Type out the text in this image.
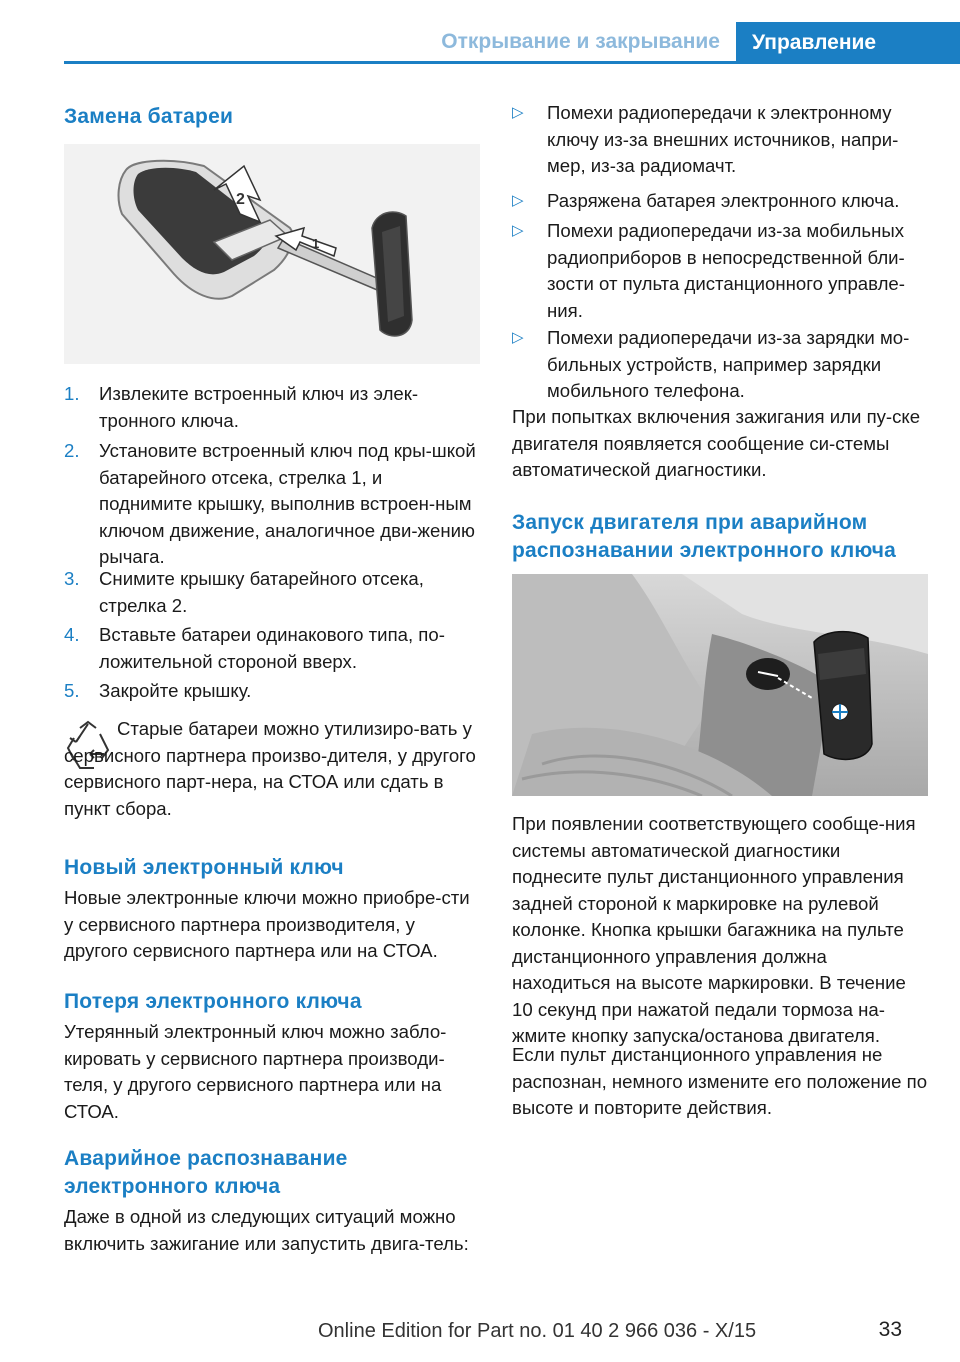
Открывание и закрывание	Управление
Замена батареи
2
1
1. Извлеките встроенный ключ из элек-тронного ключа.
2. Установите встроенный ключ под кры-шкой батарейного отсека, стрелка 1, и поднимите крышку, выполнив встроен-ным ключом движение, аналогичное дви-жению рычага.
3. Снимите крышку батарейного отсека, стрелка 2.
4. Вставьте батареи одинакового типа, по-ложительной стороной вверх.
5. Закройте крышку.

Старые батареи можно утилизиро-вать у сервисного партнера произво-дителя, у другого сервисного парт-нера, на СТОА или сдать в пункт сбора.

Новый электронный ключ

Новые электронные ключи можно приобре-сти у сервисного партнера производителя, у другого сервисного партнера или на СТОА.

Потеря электронного ключа

Утерянный электронный ключ можно забло-кировать у сервисного партнера производи-теля, у другого сервисного партнера или на СТОА.

Аварийное распознавание электронного ключа

Даже в одной из следующих ситуаций можно включить зажигание или запустить двига-тель:

▷ Помехи радиопередачи к электронному ключу из-за внешних источников, напри-мер, из-за радиомачт.
▷ Разряжена батарея электронного ключа.
▷ Помехи радиопередачи из-за мобильных радиоприборов в непосредственной бли-зости от пульта дистанционного управле-ния.
▷ Помехи радиопередачи из-за зарядки мо-бильных устройств, например зарядки мобильного телефона.

При попытках включения зажигания или пу-ске двигателя появляется сообщение си-стемы автоматической диагностики.

Запуск двигателя при аварийном распознавании электронного ключа

При появлении соответствующего сообще-ния системы автоматической диагностики поднесите пульт дистанционного управления задней стороной к маркировке на рулевой колонке. Кнопка крышки багажника на пульте дистанционного управления должна находиться на высоте маркировки. В течение 10 секунд при нажатой педали тормоза на-жмите кнопку запуска/останова двигателя.

Если пульт дистанционного управления не распознан, немного измените его положение по высоте и повторите действия.

Online Edition for Part no. 01 40 2 966 036 - X/15	33
